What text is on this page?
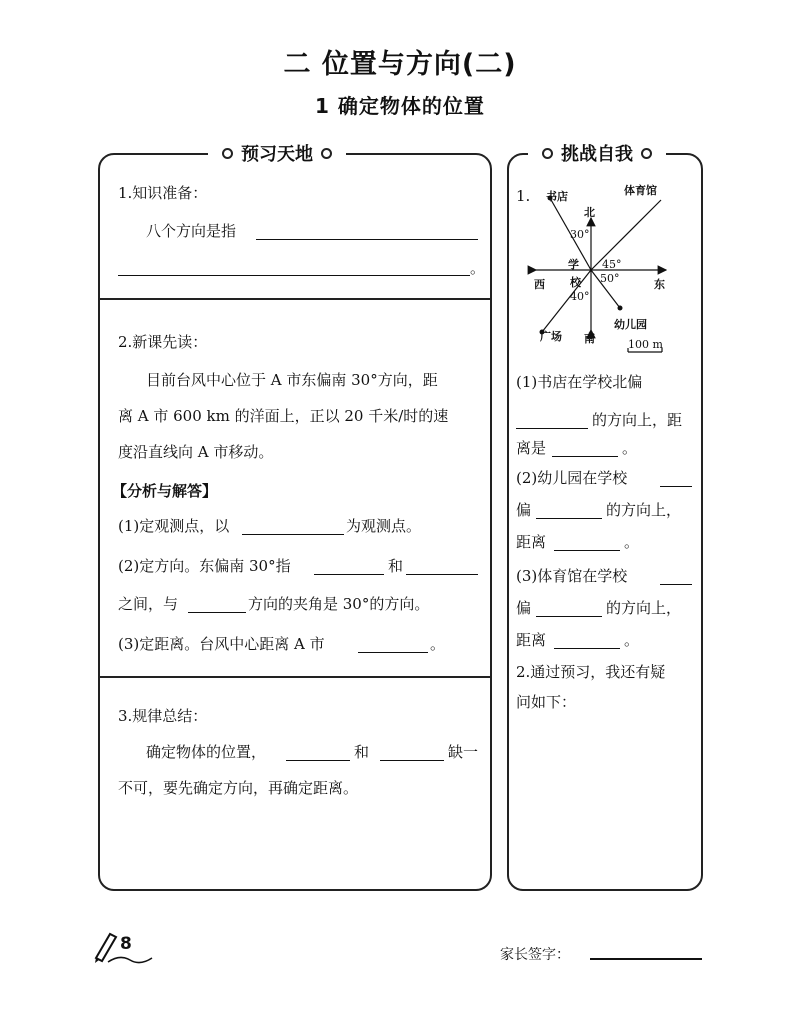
二 位置与方向(二)
1 确定物体的位置
预习天地
1.知识准备：
八个方向是指
。
2.新课先读：
目前台风中心位于 A 市东偏南 30°方向，距
离 A 市 600 km 的洋面上，正以 20 千米/时的速
度沿直线向 A 市移动。
【分析与解答】
(1)定观测点，以	为观测点。
(2)定方向。东偏南 30°指	和
之间，与	方向的夹角是 30°的方向。
(3)定距离。台风中心距离 A 市	。
3.规律总结：
确定物体的位置，	和	缺一
不可，要先确定方向，再确定距离。
挑战自我
1. 书店	体育馆
北
30°
学 45°
西 校 50°	东
40°
幼儿园
广场 南	100 m
(1)书店在学校北偏
的方向上，距
离是	。
(2)幼儿园在学校
偏	的方向上，
距离	。
(3)体育馆在学校
偏	的方向上，
距离	。
2.通过预习，我还有疑
问如下：
8
家长签字：
